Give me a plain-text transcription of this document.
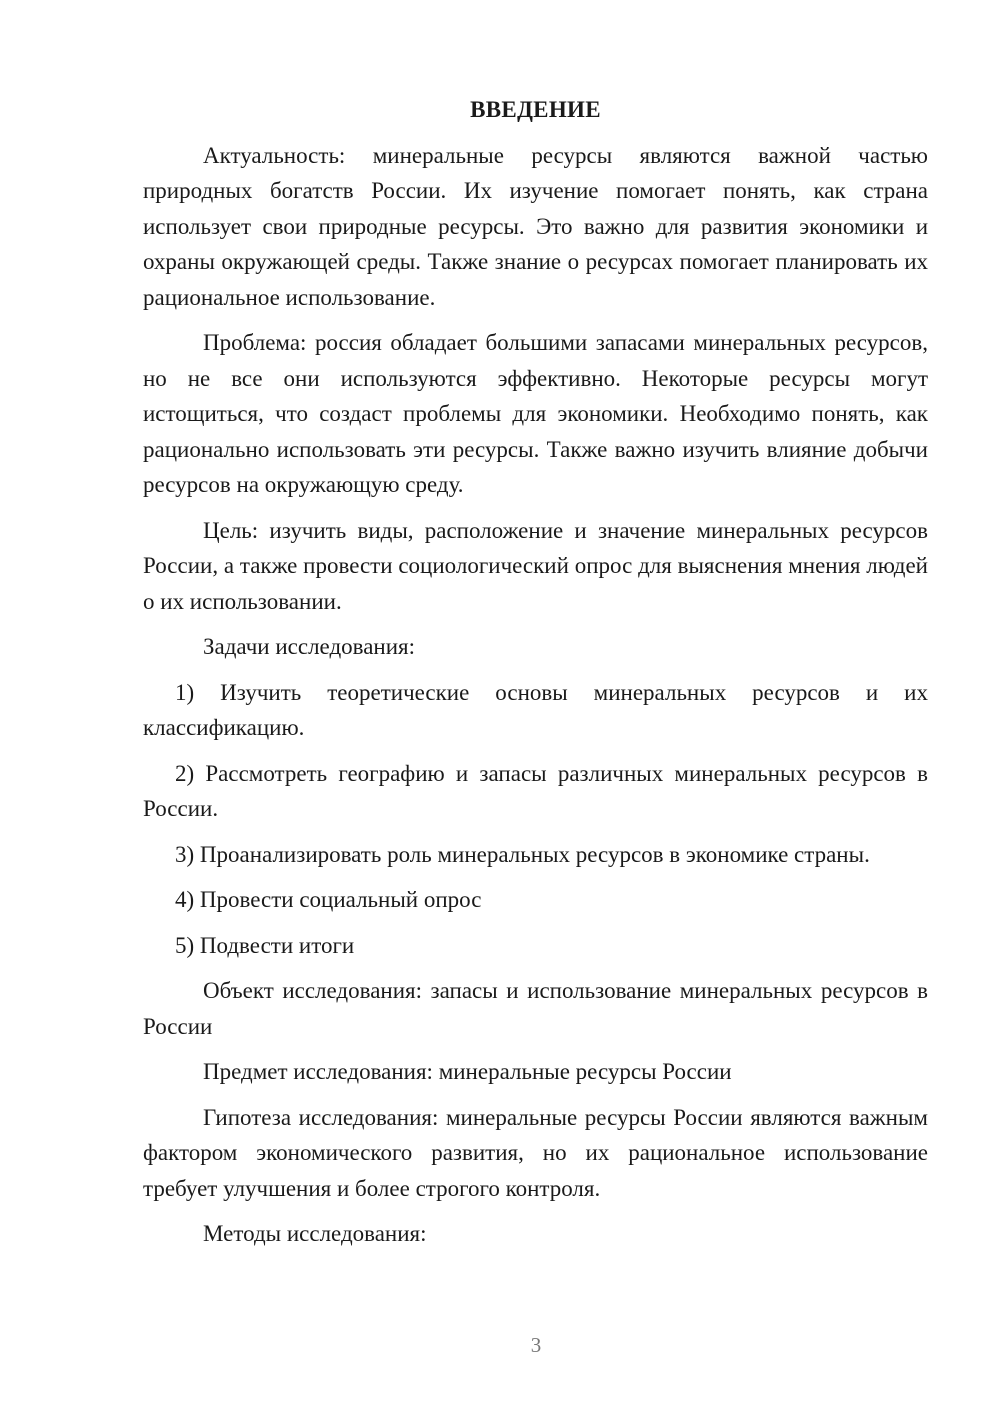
ВВЕДЕНИЕ

Актуальность: минеральные ресурсы являются важной частью природных богатств России. Их изучение помогает понять, как страна использует свои природные ресурсы. Это важно для развития экономики и охраны окружающей среды. Также знание о ресурсах помогает планировать их рациональное использование.

Проблема: россия обладает большими запасами минеральных ресурсов, но не все они используются эффективно. Некоторые ресурсы могут истощиться, что создаст проблемы для экономики. Необходимо понять, как рационально использовать эти ресурсы. Также важно изучить влияние добычи ресурсов на окружающую среду.

Цель: изучить виды, расположение и значение минеральных ресурсов России, а также провести социологический опрос для выяснения мнения людей о их использовании.

Задачи исследования:

1) Изучить теоретические основы минеральных ресурсов и их классификацию.

2) Рассмотреть географию и запасы различных минеральных ресурсов в России.

3) Проанализировать роль минеральных ресурсов в экономике страны.

4) Провести социальный опрос

5) Подвести итоги

Объект исследования: запасы и использование минеральных ресурсов в России

Предмет исследования: минеральные ресурсы России

Гипотеза исследования: минеральные ресурсы России являются важным фактором экономического развития, но их рациональное использование требует улучшения и более строгого контроля.

Методы исследования:

3
